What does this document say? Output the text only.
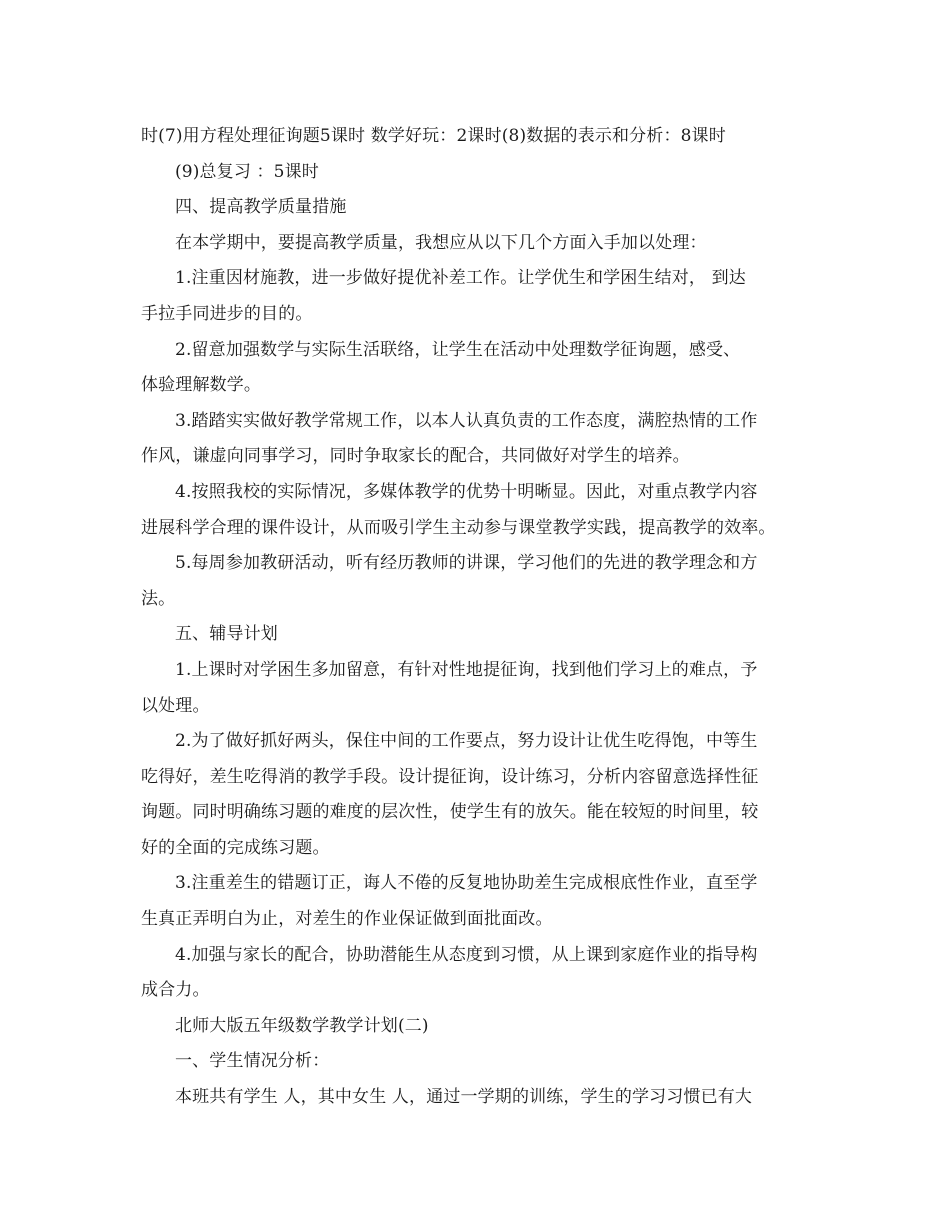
时(7)用方程处理征询题5课时 数学好玩：2课时(8)数据的表示和分析：8课时
(9)总复习 ：5课时
四、提高教学质量措施
在本学期中，要提高教学质量，我想应从以下几个方面入手加以处理：
1.注重因材施教，进一步做好提优补差工作。让学优生和学困生结对， 到达
手拉手同进步的目的。
2.留意加强数学与实际生活联络，让学生在活动中处理数学征询题，感受、
体验理解数学。
3.踏踏实实做好教学常规工作，以本人认真负责的工作态度，满腔热情的工作
作风，谦虚向同事学习，同时争取家长的配合，共同做好对学生的培养。
4.按照我校的实际情况，多媒体教学的优势十明晰显。因此，对重点教学内容
进展科学合理的课件设计，从而吸引学生主动参与课堂教学实践，提高教学的效率。
5.每周参加教研活动，听有经历教师的讲课，学习他们的先进的教学理念和方
法。
五、辅导计划
1.上课时对学困生多加留意，有针对性地提征询，找到他们学习上的难点，予
以处理。
2.为了做好抓好两头，保住中间的工作要点，努力设计让优生吃得饱，中等生
吃得好，差生吃得消的教学手段。设计提征询，设计练习，分析内容留意选择性征
询题。同时明确练习题的难度的层次性，使学生有的放矢。能在较短的时间里，较
好的全面的完成练习题。
3.注重差生的错题订正，诲人不倦的反复地协助差生完成根底性作业，直至学
生真正弄明白为止，对差生的作业保证做到面批面改。
4.加强与家长的配合，协助潜能生从态度到习惯，从上课到家庭作业的指导构
成合力。
北师大版五年级数学教学计划(二)
一、学生情况分析：
本班共有学生 人，其中女生 人，通过一学期的训练，学生的学习习惯已有大
